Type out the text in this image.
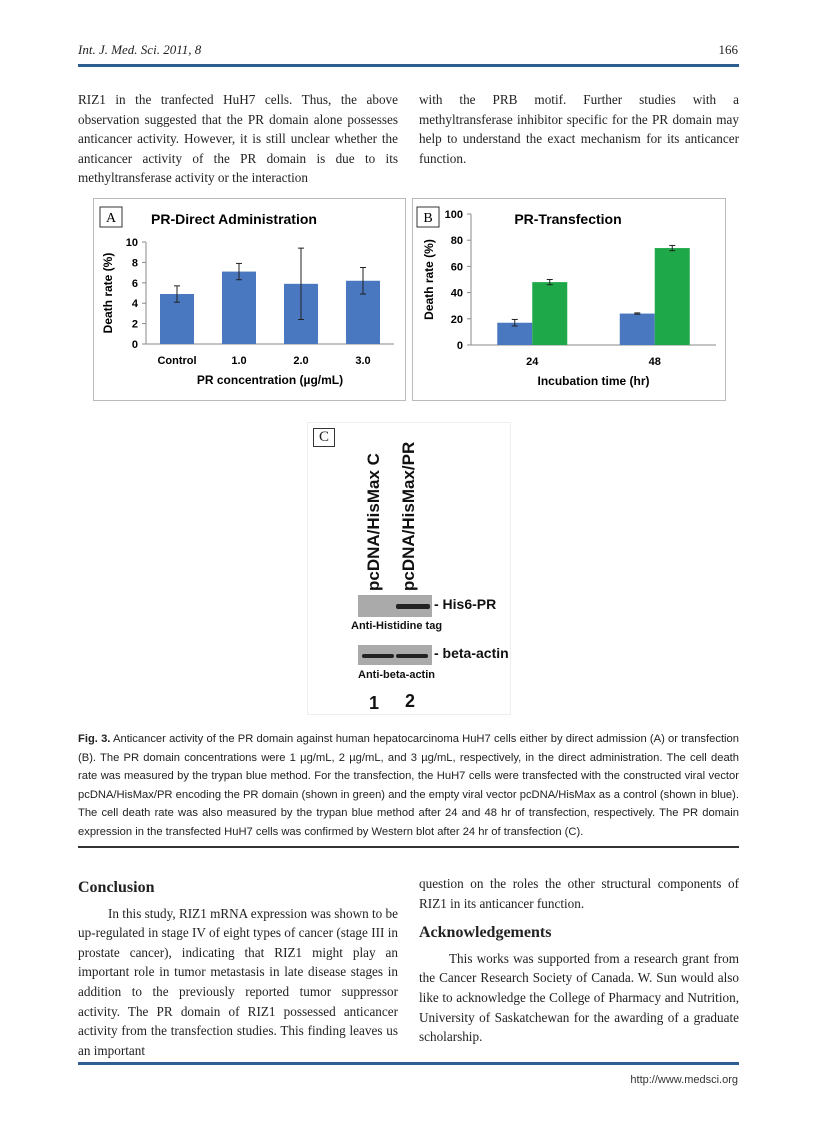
Int. J. Med. Sci. 2011, 8	166
RIZ1 in the tranfected HuH7 cells. Thus, the above observation suggested that the PR domain alone possesses anticancer activity. However, it is still unclear whether the anticancer activity of the PR domain is due to its methyltransferase activity or the interaction
with the PRB motif. Further studies with a methyltransferase inhibitor specific for the PR domain may help to understand the exact mechanism for its anticancer function.
A PR-Direct Administration
0
2
4
6
8
10
Death rate (%)
PR concentration (µg/mL)
Control	1.0	2.0	3.0
B	PR-Transfection
0
20
40
60
80
100
Death rate (%)
Incubation time (hr)
24	48
C
pcDNA/HisMax C pcDNA/HisMax/PR
- His6-PR
Anti-Histidine tag
- beta-actin
Anti-beta-actin
1 2
Fig. 3. Anticancer activity of the PR domain against human hepatocarcinoma HuH7 cells either by direct admission (A) or transfection (B). The PR domain concentrations were 1 µg/mL, 2 µg/mL, and 3 µg/mL, respectively, in the direct administration. The cell death rate was measured by the trypan blue method. For the transfection, the HuH7 cells were transfected with the constructed viral vector pcDNA/HisMax/PR encoding the PR domain (shown in green) and the empty viral vector pcDNA/HisMax as a control (shown in blue). The cell death rate was also measured by the trypan blue method after 24 and 48 hr of transfection, respectively. The PR domain expression in the transfected HuH7 cells was confirmed by Western blot after 24 hr of transfection (C).
Conclusion

In this study, RIZ1 mRNA expression was shown to be up-regulated in stage IV of eight types of cancer (stage III in prostate cancer), indicating that RIZ1 might play an important role in tumor metastasis in late disease stages in addition to the previously reported tumor suppressor activity. The PR domain of RIZ1 possessed anticancer activity from the transfection studies. This finding leaves us an important

question on the roles the other structural components of RIZ1 in its anticancer function.

Acknowledgements

This works was supported from a research grant from the Cancer Research Society of Canada. W. Sun would also like to acknowledge the College of Pharmacy and Nutrition, University of Saskatchewan for the awarding of a graduate scholarship.

http://www.medsci.org
